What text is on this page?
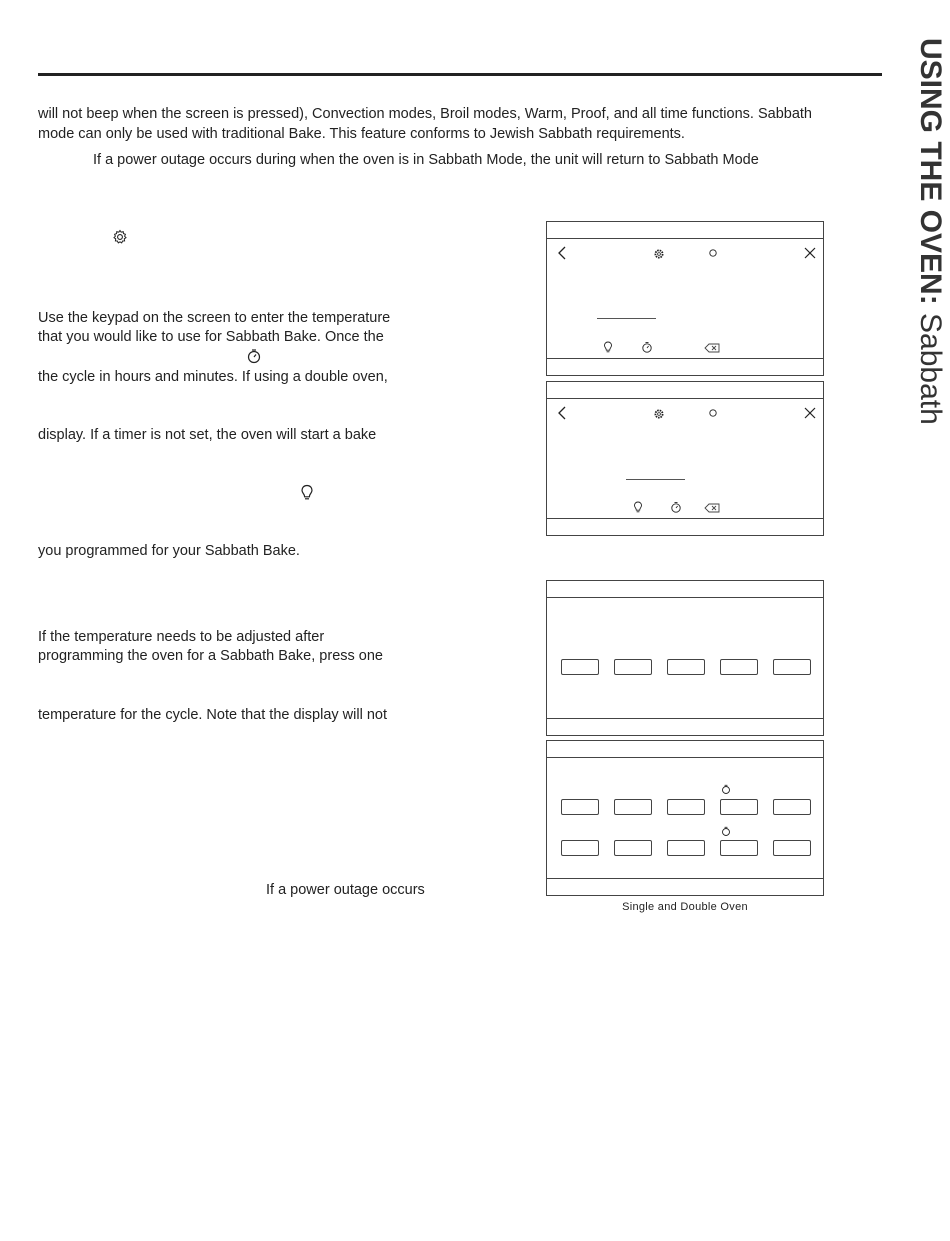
USING THE OVEN: Sabbath
will not beep when the screen is pressed), Convection modes, Broil modes, Warm, Proof, and all time functions. Sabbath
mode can only be used with traditional Bake. This feature conforms to Jewish Sabbath requirements.
If a power outage occurs during when the oven is in Sabbath Mode, the unit will return to Sabbath Mode
Use the keypad on the screen to enter the temperature
that you would like to use for Sabbath Bake. Once the
the cycle in hours and minutes. If using a double oven,
display. If a timer is not set, the oven will start a bake
you programmed for your Sabbath Bake.
If the temperature needs to be adjusted after
programming the oven for a Sabbath Bake, press one
temperature for the cycle. Note that the display will not
If a power outage occurs
Single and Double Oven
